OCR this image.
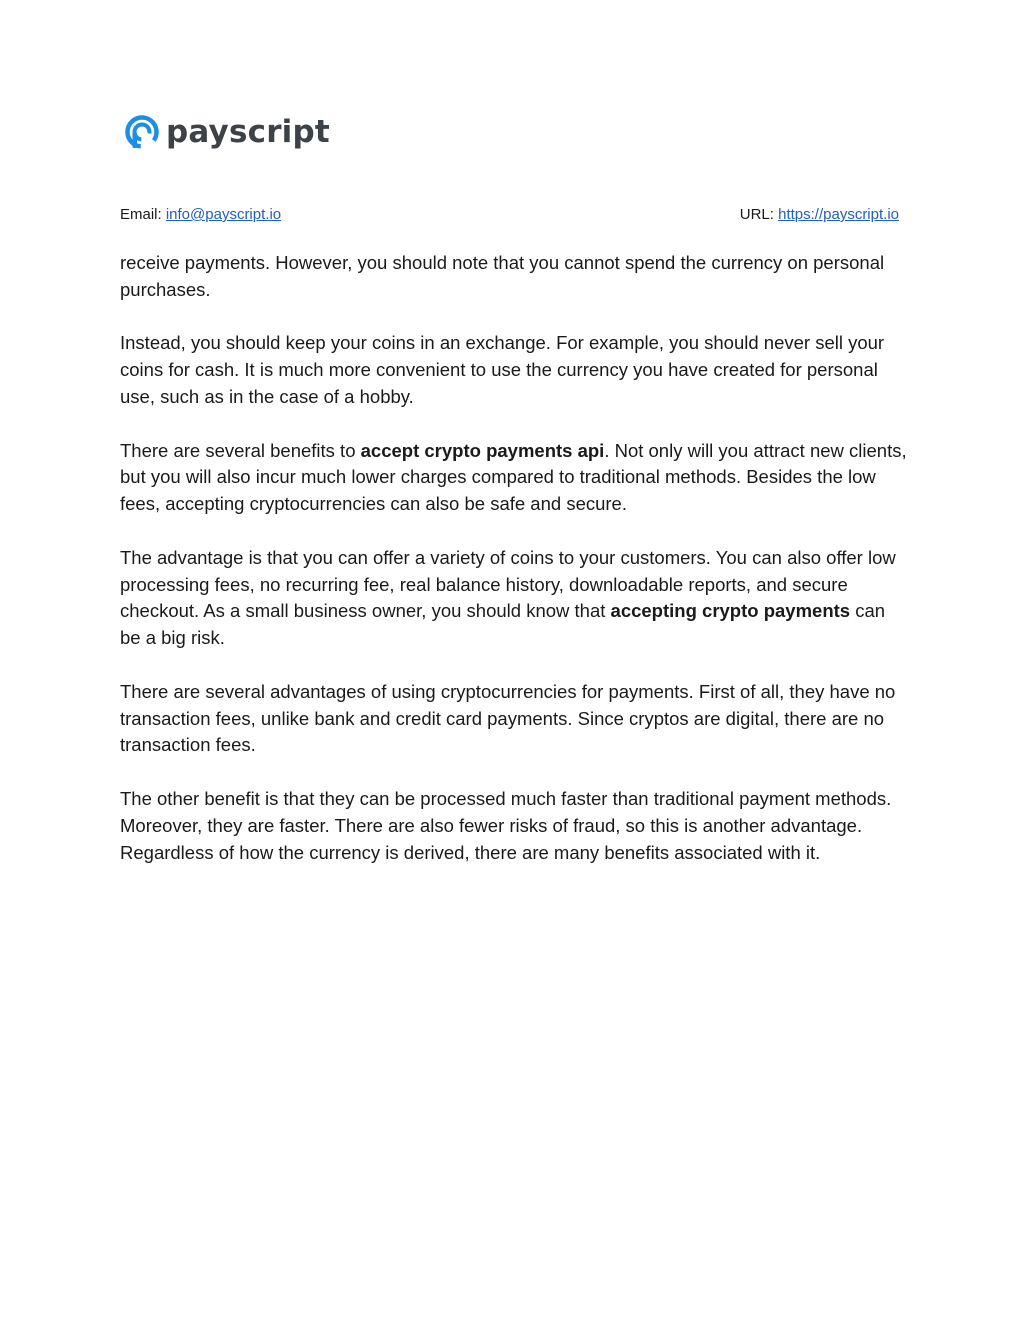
payscript
Email: info@payscript.io	URL: https://payscript.io

receive payments. However, you should note that you cannot spend the currency on personal purchases.

Instead, you should keep your coins in an exchange. For example, you should never sell your coins for cash. It is much more convenient to use the currency you have created for personal use, such as in the case of a hobby.

There are several benefits to accept crypto payments api. Not only will you attract new clients, but you will also incur much lower charges compared to traditional methods. Besides the low fees, accepting cryptocurrencies can also be safe and secure.

The advantage is that you can offer a variety of coins to your customers. You can also offer low processing fees, no recurring fee, real balance history, downloadable reports, and secure checkout. As a small business owner, you should know that accepting crypto payments can be a big risk.

There are several advantages of using cryptocurrencies for payments. First of all, they have no transaction fees, unlike bank and credit card payments. Since cryptos are digital, there are no transaction fees.

The other benefit is that they can be processed much faster than traditional payment methods. Moreover, they are faster. There are also fewer risks of fraud, so this is another advantage. Regardless of how the currency is derived, there are many benefits associated with it.
